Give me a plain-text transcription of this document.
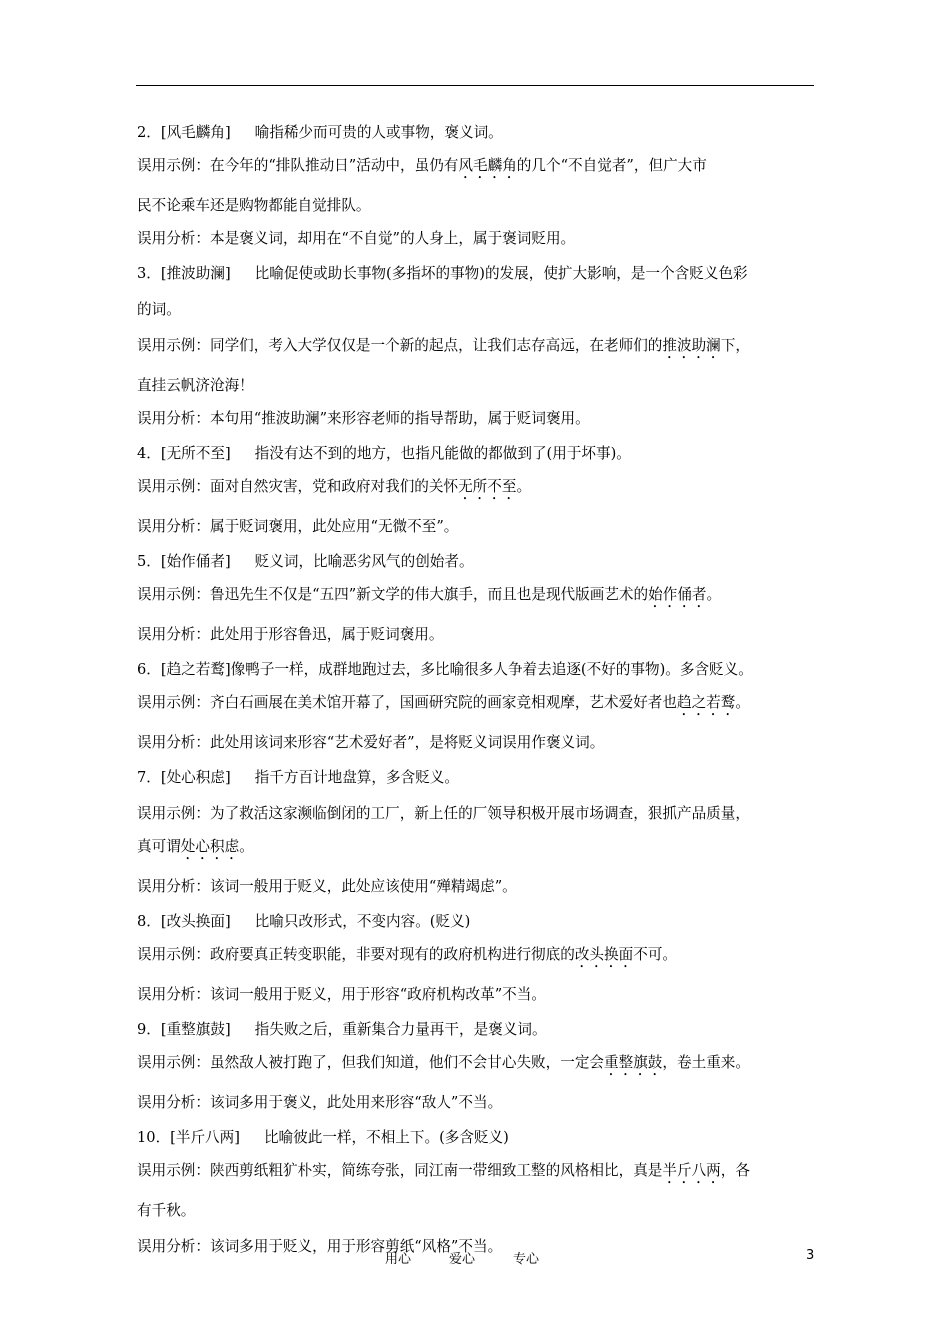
2．[风毛麟角] 喻指稀少而可贵的人或事物，褒义词。
误用示例：在今年的“排队推动日”活动中，虽仍有风毛麟角的几个“不自觉者”，但广大市
民不论乘车还是购物都能自觉排队。
误用分析：本是褒义词，却用在“不自觉”的人身上，属于褒词贬用。
3．[推波助澜] 比喻促使或助长事物(多指坏的事物)的发展，使扩大影响，是一个含贬义色彩
的词。
误用示例：同学们，考入大学仅仅是一个新的起点，让我们志存高远，在老师们的推波助澜下，
直挂云帆济沧海！
误用分析：本句用“推波助澜”来形容老师的指导帮助，属于贬词褒用。
4．[无所不至] 指没有达不到的地方，也指凡能做的都做到了(用于坏事)。
误用示例：面对自然灾害，党和政府对我们的关怀无所不至。
误用分析：属于贬词褒用，此处应用“无微不至”。
5．[始作俑者] 贬义词，比喻恶劣风气的创始者。
误用示例：鲁迅先生不仅是“五四”新文学的伟大旗手，而且也是现代版画艺术的始作俑者。
误用分析：此处用于形容鲁迅，属于贬词褒用。
6．[趋之若鹜]像鸭子一样，成群地跑过去，多比喻很多人争着去追逐(不好的事物)。多含贬义。
误用示例：齐白石画展在美术馆开幕了，国画研究院的画家竞相观摩，艺术爱好者也趋之若鹜。
误用分析：此处用该词来形容“艺术爱好者”，是将贬义词误用作褒义词。
7．[处心积虑] 指千方百计地盘算，多含贬义。
误用示例：为了救活这家濒临倒闭的工厂，新上任的厂领导积极开展市场调查，狠抓产品质量，
真可谓处心积虑。
误用分析：该词一般用于贬义，此处应该使用“殚精竭虑”。
8．[改头换面] 比喻只改形式，不变内容。(贬义)
误用示例：政府要真正转变职能，非要对现有的政府机构进行彻底的改头换面不可。
误用分析：该词一般用于贬义，用于形容“政府机构改革”不当。
9．[重整旗鼓] 指失败之后，重新集合力量再干，是褒义词。
误用示例：虽然敌人被打跑了，但我们知道，他们不会甘心失败，一定会重整旗鼓，卷土重来。
误用分析：该词多用于褒义，此处用来形容“敌人”不当。
10．[半斤八两] 比喻彼此一样，不相上下。(多含贬义)
误用示例：陕西剪纸粗犷朴实，简练夸张，同江南一带细致工整的风格相比，真是半斤八两，各
有千秋。
误用分析：该词多用于贬义，用于形容剪纸“风格”不当。
用心	爱心	专心	3
